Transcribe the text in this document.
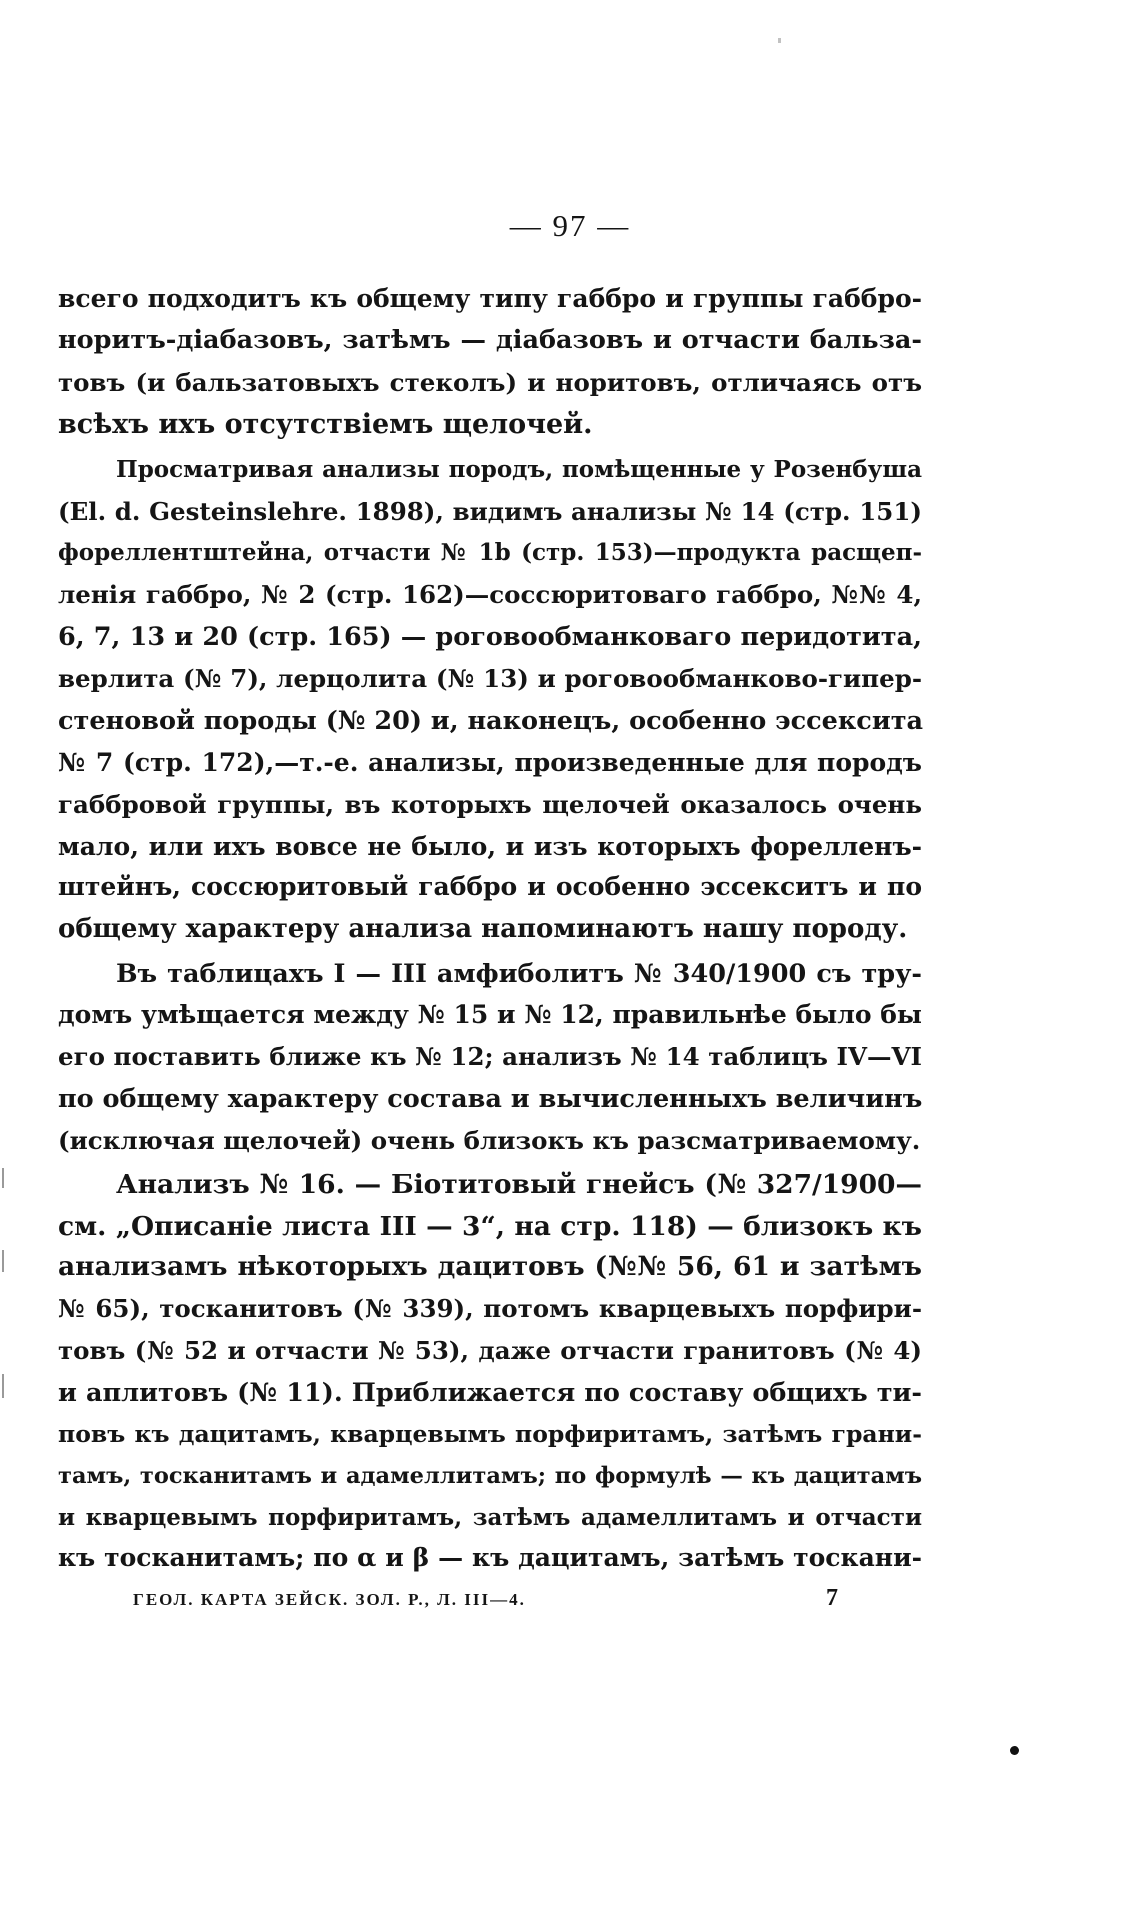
— 97 —

всего подходитъ къ общему типу габбро и группы габбро-

норитъ-діабазовъ, затѣмъ — діабазовъ и отчасти бальза-

товъ (и бальзатовыхъ стеколъ) и норитовъ, отличаясь отъ

всѣхъ ихъ отсутствіемъ щелочей.

Просматривая анализы породъ, помѣщенные у Розенбуша

(El. d. Gesteinslehre. 1898), видимъ анализы № 14 (стр. 151)

фореллентштейна, отчасти № 1b (стр. 153)—продукта расщеп-

ленія габбро, № 2 (стр. 162)—соссюритоваго габбро, №№ 4,

6, 7, 13 и 20 (стр. 165) — роговообманковаго перидотита,

верлита (№ 7), лерцолита (№ 13) и роговообманково-гипер-

стеновой породы (№ 20) и, наконецъ, особенно эссексита

№ 7 (стр. 172),—т.-е. анализы, произведенные для породъ

габбровой группы, въ которыхъ щелочей оказалось очень

мало, или ихъ вовсе не было, и изъ которыхъ форелленъ-

штейнъ, соссюритовый габбро и особенно эссекситъ и по

общему характеру анализа напоминаютъ нашу породу.

Въ таблицахъ I — III амфиболитъ № 340/1900 съ тру-

домъ умѣщается между № 15 и № 12, правильнѣе было бы

его поставить ближе къ № 12; анализъ № 14 таблицъ IV—VI

по общему характеру состава и вычисленныхъ величинъ

(исключая щелочей) очень близокъ къ разсматриваемому.

Анализъ № 16. — Біотитовый гнейсъ (№ 327/1900—

см. „Описаніе листа III — 3“, на стр. 118) — близокъ къ

анализамъ нѣкоторыхъ дацитовъ (№№ 56, 61 и затѣмъ

№ 65), тосканитовъ (№ 339), потомъ кварцевыхъ порфири-

товъ (№ 52 и отчасти № 53), даже отчасти гранитовъ (№ 4)

и аплитовъ (№ 11). Приближается по составу общихъ ти-

повъ къ дацитамъ, кварцевымъ порфиритамъ, затѣмъ грани-

тамъ, тосканитамъ и адамеллитамъ; по формулѣ — къ дацитамъ

и кварцевымъ порфиритамъ, затѣмъ адамеллитамъ и отчасти

къ тосканитамъ; по α и β — къ дацитамъ, затѣмъ тоскани-

ГЕОЛ. КАРТА ЗЕЙСК. ЗОЛ. Р., Л. III—4.	7
